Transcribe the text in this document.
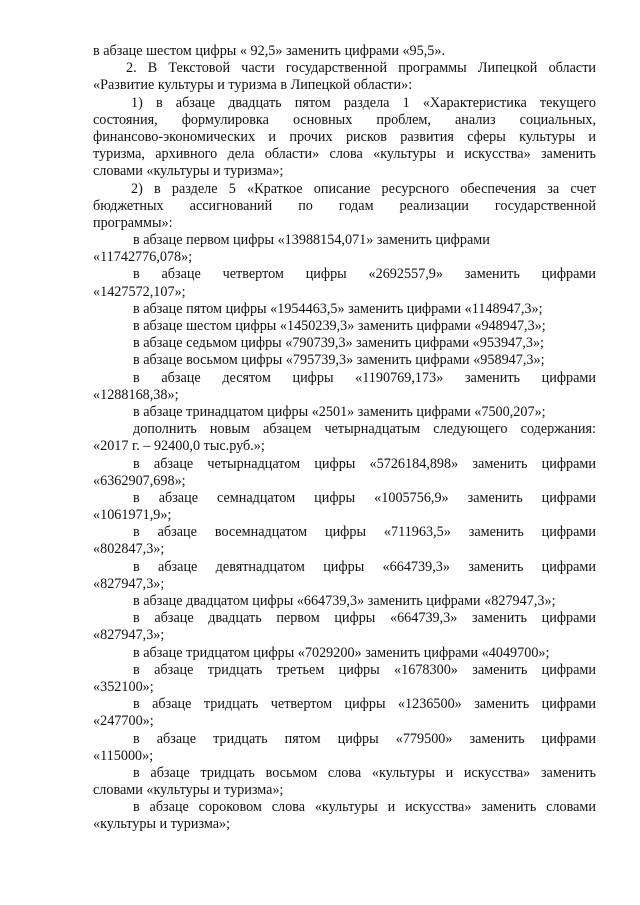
в абзаце шестом цифры « 92,5» заменить цифрами «95,5».
2. В Текстовой части государственной программы Липецкой области
«Развитие культуры и туризма в Липецкой области»:
1) в абзаце двадцать пятом раздела 1 «Характеристика текущего
состояния, формулировка основных проблем, анализ социальных,
финансово-экономических и прочих рисков развития сферы культуры и
туризма, архивного дела области» слова «культуры и искусства» заменить
словами «культуры и туризма»;
2) в разделе 5 «Краткое описание ресурсного обеспечения за счет
бюджетных ассигнований по годам реализации государственной
программы»:
в абзаце первом цифры «13988154,071» заменить цифрами
«11742776,078»;
в абзаце четвертом цифры «2692557,9» заменить цифрами
«1427572,107»;
в абзаце пятом цифры «1954463,5» заменить цифрами «1148947,3»;
в абзаце шестом цифры «1450239,3» заменить цифрами «948947,3»;
в абзаце седьмом цифры «790739,3» заменить цифрами «953947,3»;
в абзаце восьмом цифры «795739,3» заменить цифрами «958947,3»;
в абзаце десятом цифры «1190769,173» заменить цифрами
«1288168,38»;
в абзаце тринадцатом цифры «2501» заменить цифрами «7500,207»;
дополнить новым абзацем четырнадцатым следующего содержания:
«2017 г. – 92400,0 тыс.руб.»;
в абзаце четырнадцатом цифры «5726184,898» заменить цифрами
«6362907,698»;
в абзаце семнадцатом цифры «1005756,9» заменить цифрами
«1061971,9»;
в абзаце восемнадцатом цифры «711963,5» заменить цифрами
«802847,3»;
в абзаце девятнадцатом цифры «664739,3» заменить цифрами
«827947,3»;
в абзаце двадцатом цифры «664739,3» заменить цифрами «827947,3»;
в абзаце двадцать первом цифры «664739,3» заменить цифрами
«827947,3»;
в абзаце тридцатом цифры «7029200» заменить цифрами «4049700»;
в абзаце тридцать третьем цифры «1678300» заменить цифрами
«352100»;
в абзаце тридцать четвертом цифры «1236500» заменить цифрами
«247700»;
в абзаце тридцать пятом цифры «779500» заменить цифрами
«115000»;
в абзаце тридцать восьмом слова «культуры и искусства» заменить
словами «культуры и туризма»;
в абзаце сороковом слова «культуры и искусства» заменить словами
«культуры и туризма»;
